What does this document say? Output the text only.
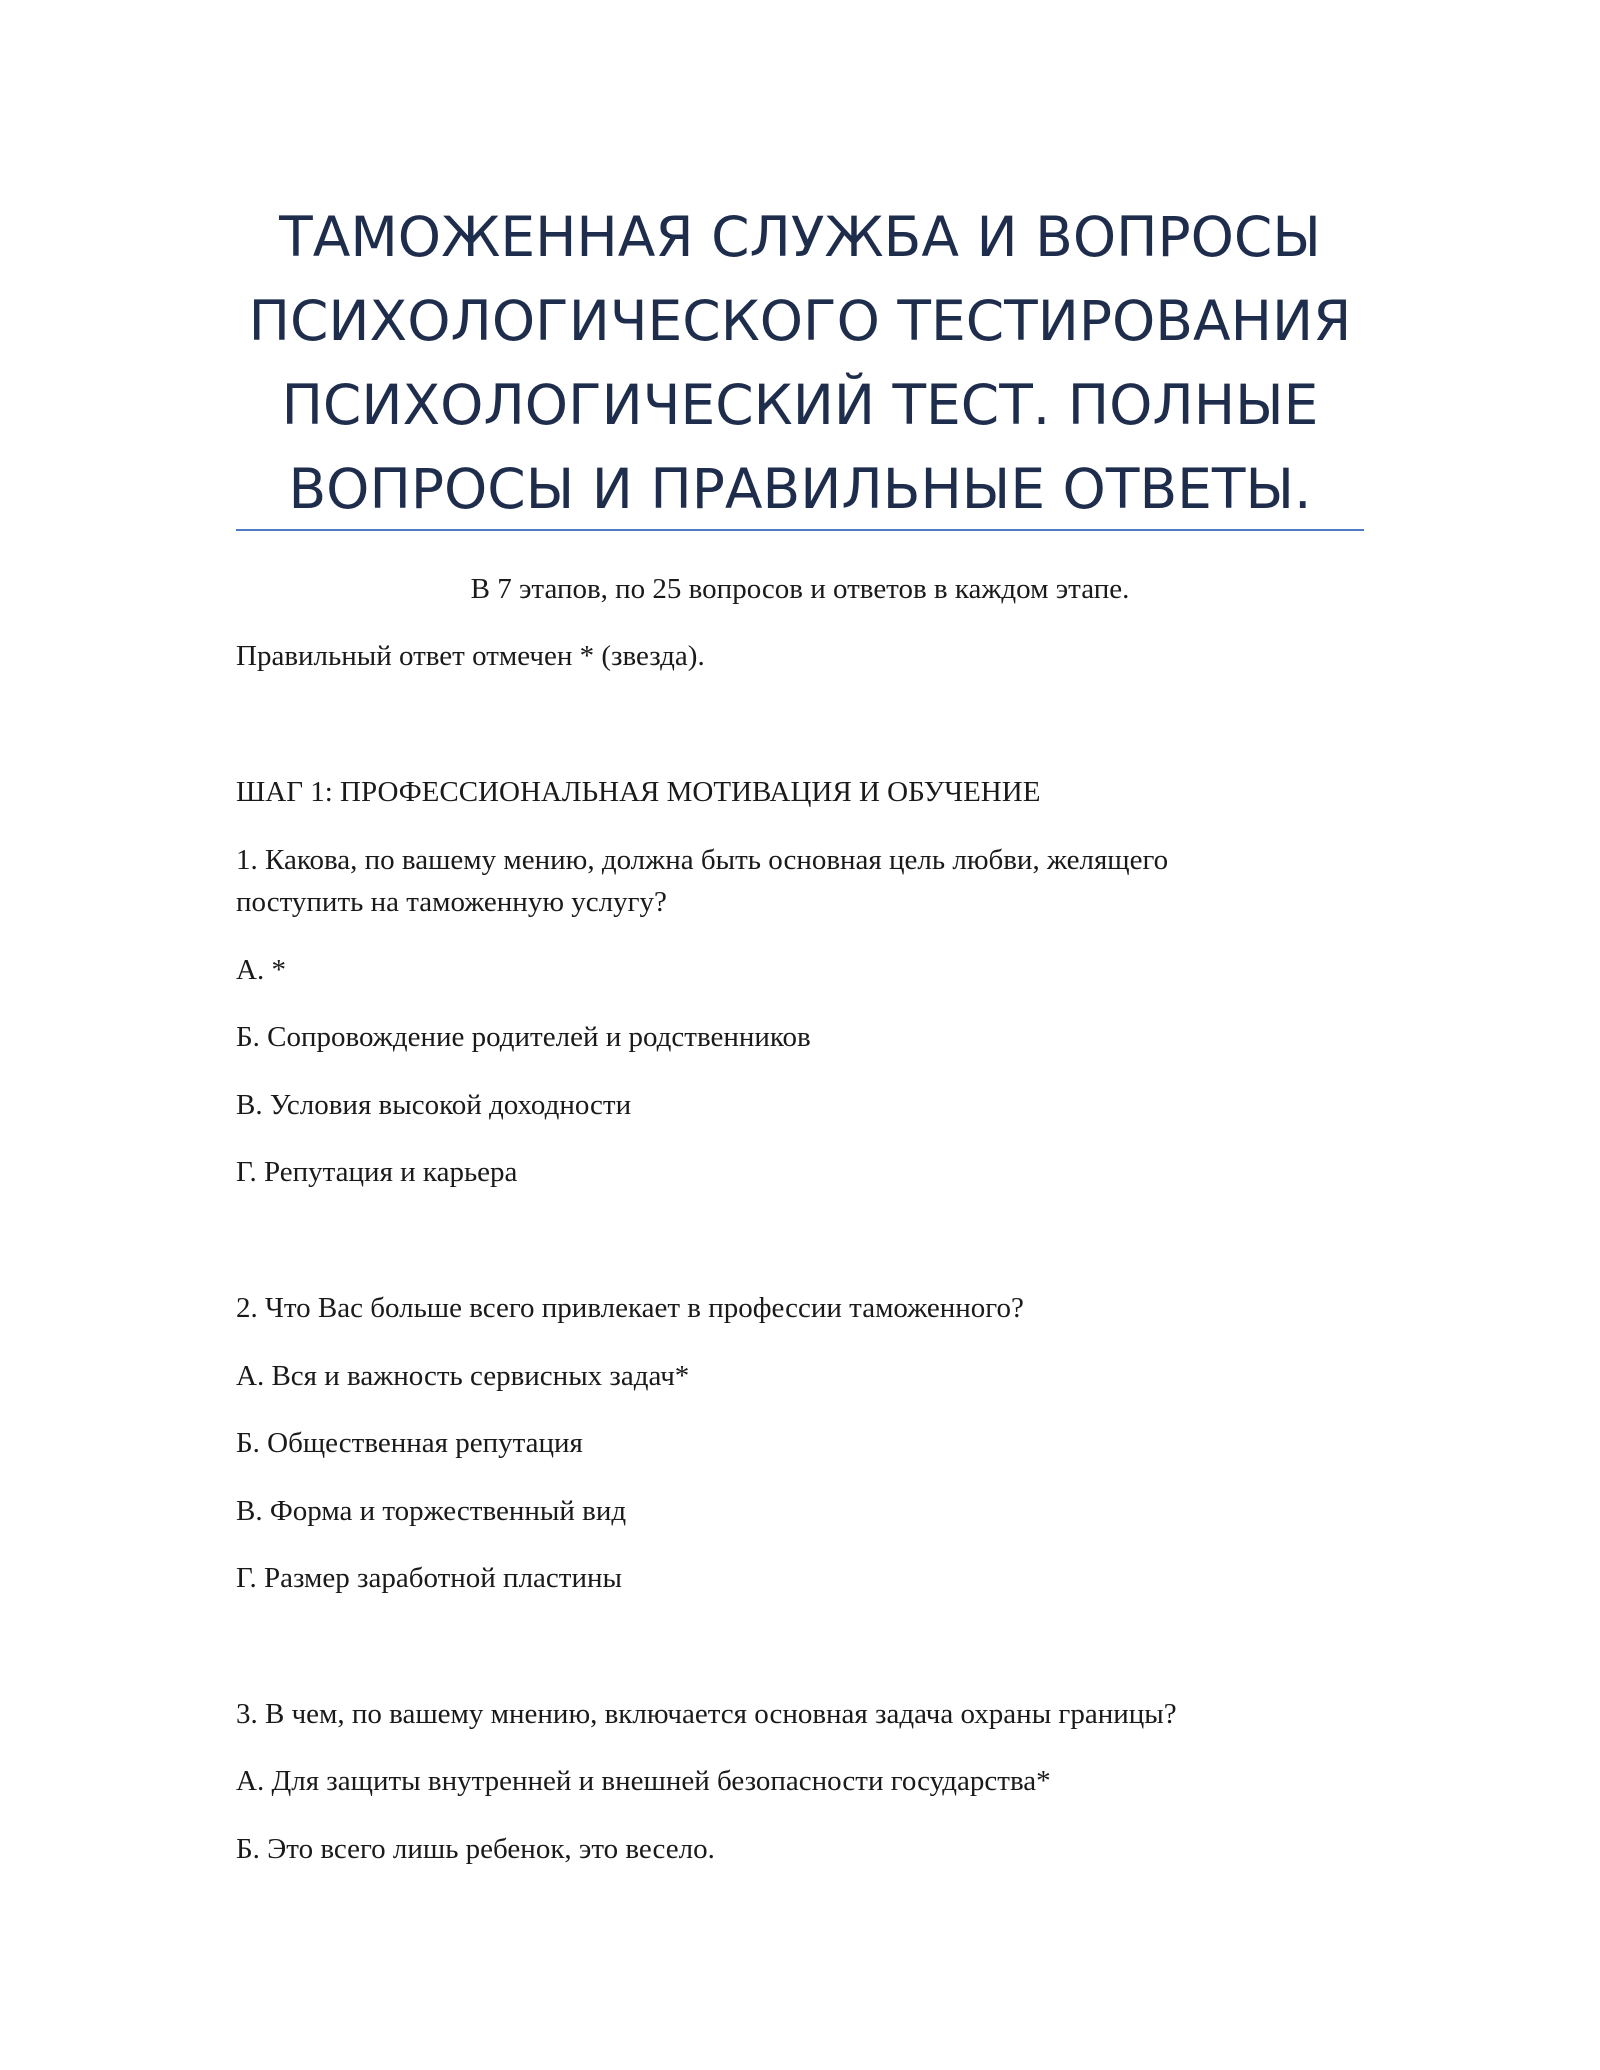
ТАМОЖЕННАЯ СЛУЖБА И ВОПРОСЫ
ПСИХОЛОГИЧЕСКОГО ТЕСТИРОВАНИЯ
ПСИХОЛОГИЧЕСКИЙ ТЕСТ. ПОЛНЫЕ
ВОПРОСЫ И ПРАВИЛЬНЫЕ ОТВЕТЫ.

В 7 этапов, по 25 вопросов и ответов в каждом этапе.

Правильный ответ отмечен * (звезда).

ШАГ 1: ПРОФЕССИОНАЛЬНАЯ МОТИВАЦИЯ И ОБУЧЕНИЕ

1. Какова, по вашему мению, должна быть основная цель любви, желящего

поступить на таможенную услугу?

А. *

Б. Сопровождение родителей и родственников

В. Условия высокой доходности

Г. Репутация и карьера

2. Что Вас больше всего привлекает в профессии таможенного?

А. Вся и важность сервисных задач*

Б. Общественная репутация

В. Форма и торжественный вид

Г. Размер заработной пластины

3. В чем, по вашему мнению, включается основная задача охраны границы?

А. Для защиты внутренней и внешней безопасности государства*

Б. Это всего лишь ребенок, это весело.
